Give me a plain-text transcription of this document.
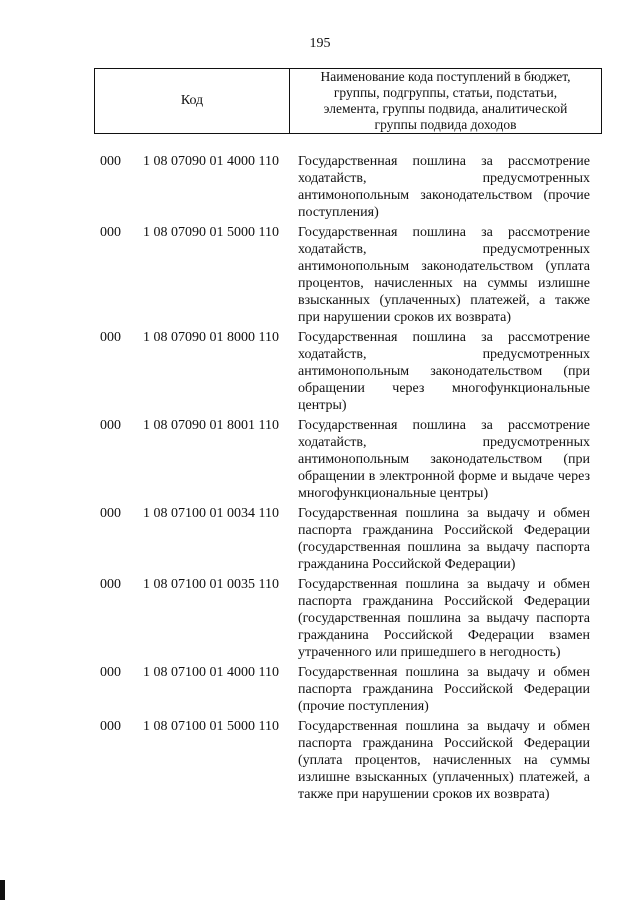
195
Код
Наименование кода поступлений в бюджет,
группы, подгруппы, статьи, подстатьи,
элемента, группы подвида, аналитической
группы подвида доходов
000 1 08 07090 01 4000 110 Государственная пошлина за рассмотрение ходатайств, предусмотренных антимонопольным законодательством (прочие поступления)
000 1 08 07090 01 5000 110 Государственная пошлина за рассмотрение ходатайств, предусмотренных антимонопольным законодательством (уплата процентов, начисленных на суммы излишне взысканных (уплаченных) платежей, а также при нарушении сроков их возврата)
000 1 08 07090 01 8000 110 Государственная пошлина за рассмотрение ходатайств, предусмотренных антимонопольным законодательством (при обращении через многофункциональные центры)
000 1 08 07090 01 8001 110 Государственная пошлина за рассмотрение ходатайств, предусмотренных антимонопольным законодательством (при обращении в электронной форме и выдаче через многофункциональные центры)
000 1 08 07100 01 0034 110 Государственная пошлина за выдачу и обмен паспорта гражданина Российской Федерации (государственная пошлина за выдачу паспорта гражданина Российской Федерации)
000 1 08 07100 01 0035 110 Государственная пошлина за выдачу и обмен паспорта гражданина Российской Федерации (государственная пошлина за выдачу паспорта гражданина Российской Федерации взамен утраченного или пришедшего в негодность)
000 1 08 07100 01 4000 110 Государственная пошлина за выдачу и обмен паспорта гражданина Российской Федерации (прочие поступления)
000 1 08 07100 01 5000 110 Государственная пошлина за выдачу и обмен паспорта гражданина Российской Федерации (уплата процентов, начисленных на суммы излишне взысканных (уплаченных) платежей, а также при нарушении сроков их возврата)
